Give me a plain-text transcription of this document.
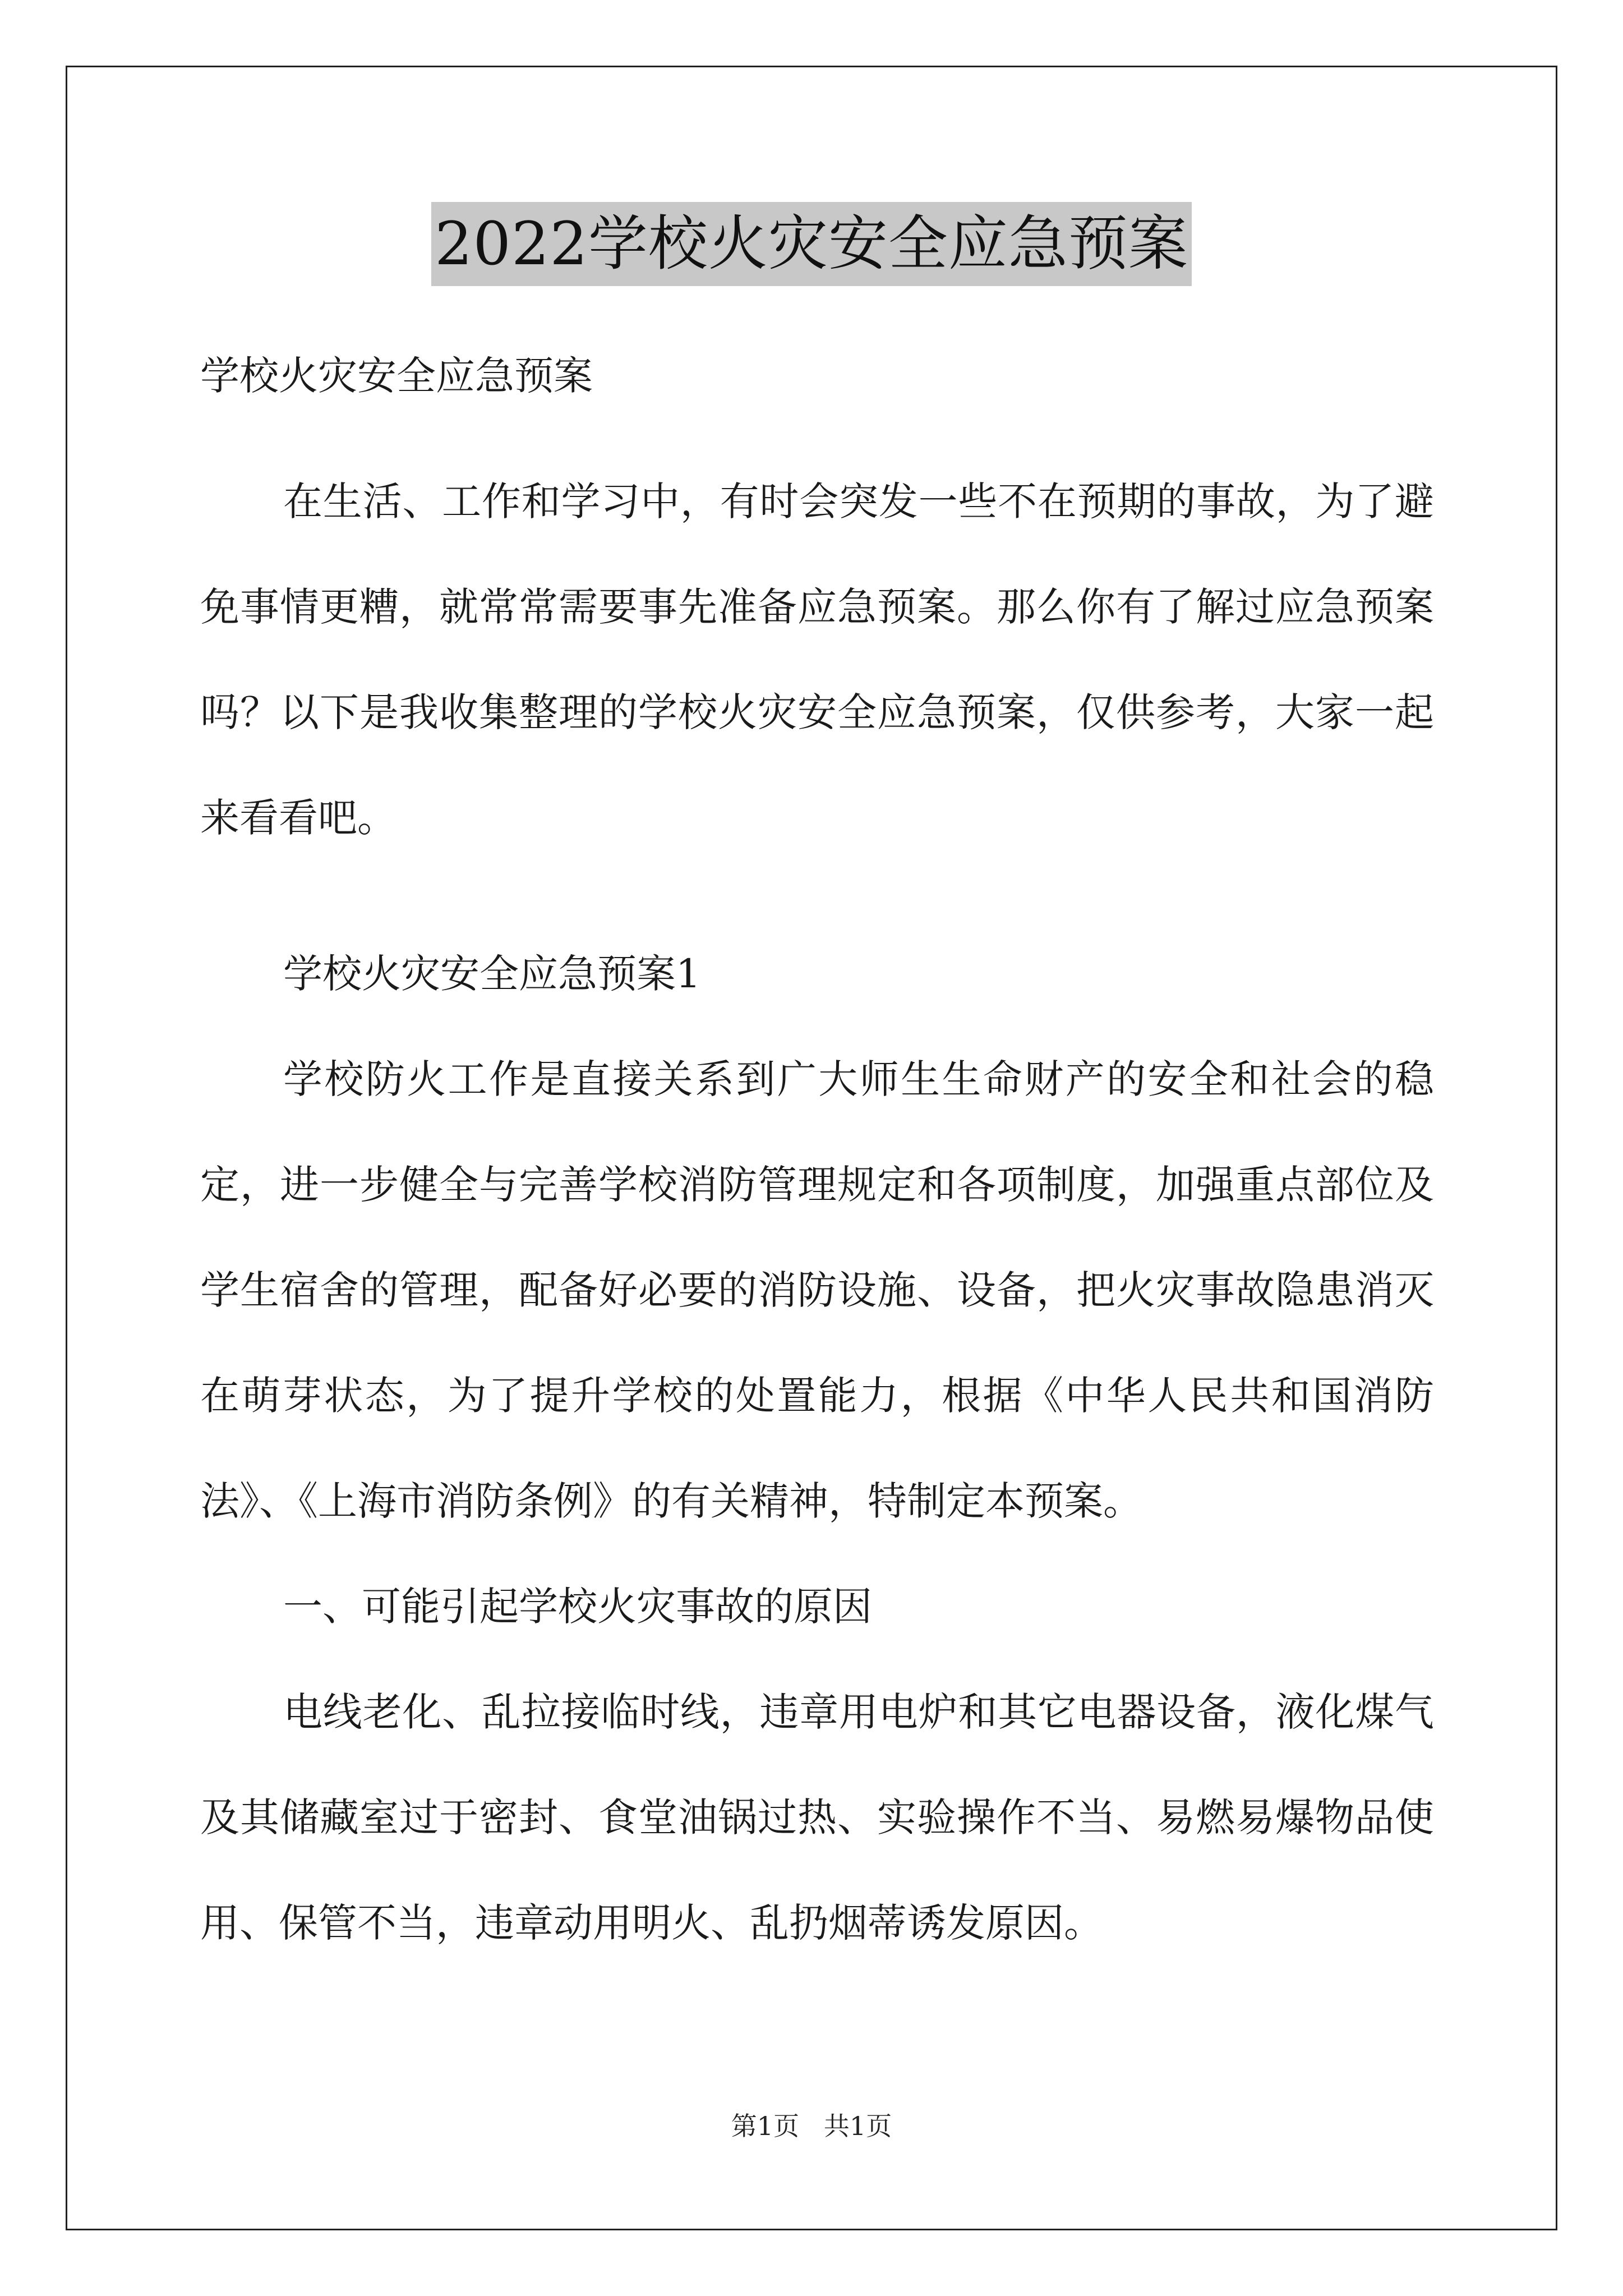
2022学校火灾安全应急预案

学校火灾安全应急预案

在生活、工作和学习中，有时会突发一些不在预期的事故，为了避免事情更糟，就常常需要事先准备应急预案。那么你有了解过应急预案吗？以下是我收集整理的学校火灾安全应急预案，仅供参考，大家一起来看看吧。

学校火灾安全应急预案1

学校防火工作是直接关系到广大师生生命财产的安全和社会的稳定，进一步健全与完善学校消防管理规定和各项制度，加强重点部位及学生宿舍的管理，配备好必要的消防设施、设备，把火灾事故隐患消灭在萌芽状态，为了提升学校的处置能力，根据《中华人民共和国消防法》、《上海市消防条例》的有关精神，特制定本预案。

一、可能引起学校火灾事故的原因

电线老化、乱拉接临时线，违章用电炉和其它电器设备，液化煤气及其储藏室过于密封、食堂油锅过热、实验操作不当、易燃易爆物品使用、保管不当，违章动用明火、乱扔烟蒂诱发原因。

第1页   共1页
